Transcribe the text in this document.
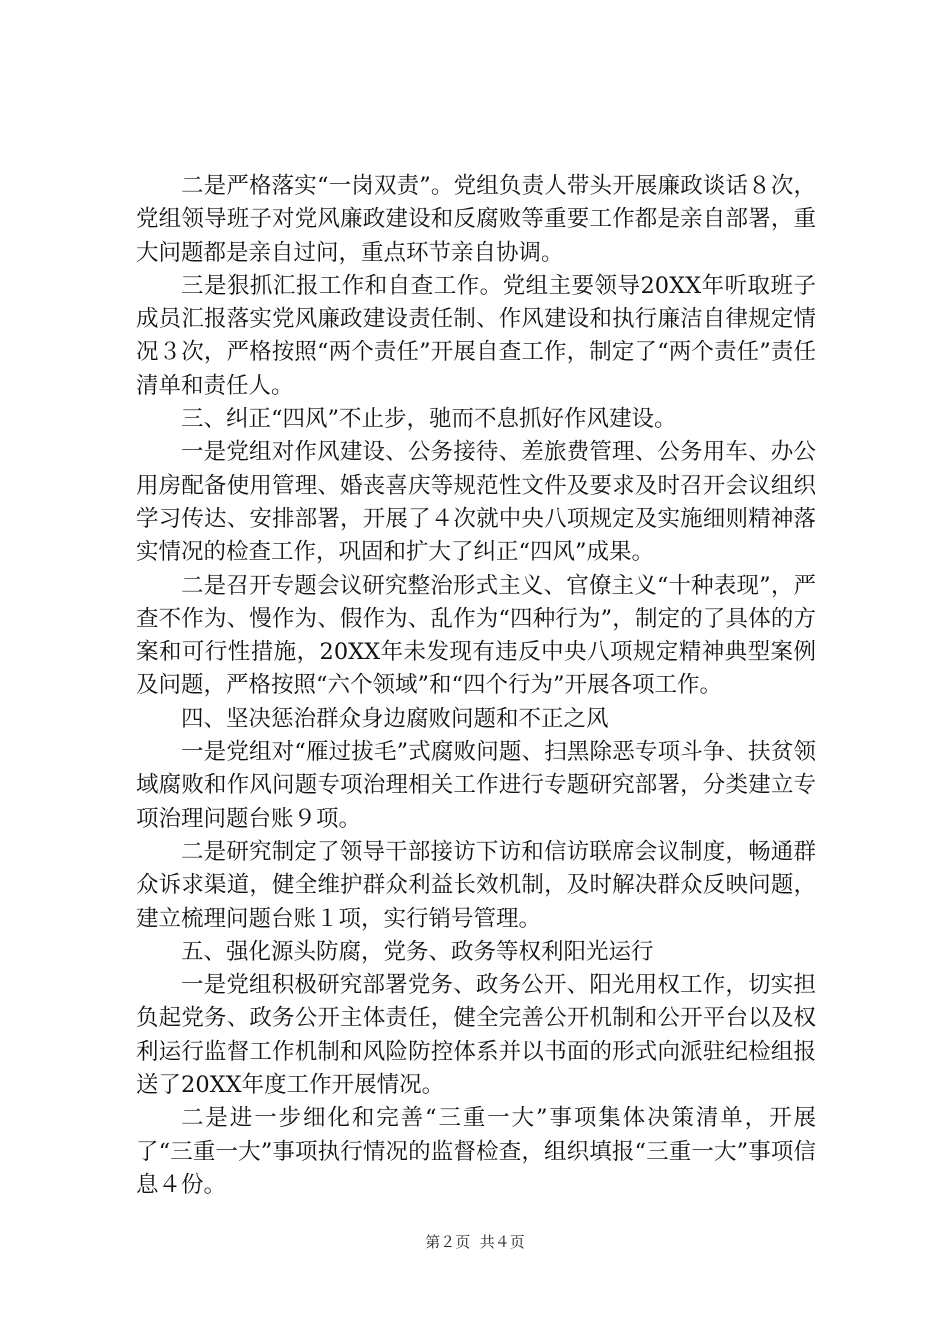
二是严格落实“一岗双责”。党组负责人带头开展廉政谈话８次，党组领导班子对党风廉政建设和反腐败等重要工作都是亲自部署，重大问题都是亲自过问，重点环节亲自协调。

三是狠抓汇报工作和自查工作。党组主要领导20XX年听取班子成员汇报落实党风廉政建设责任制、作风建设和执行廉洁自律规定情况３次，严格按照“两个责任”开展自查工作，制定了“两个责任”责任清单和责任人。

三、纠正“四风”不止步，驰而不息抓好作风建设。

一是党组对作风建设、公务接待、差旅费管理、公务用车、办公用房配备使用管理、婚丧喜庆等规范性文件及要求及时召开会议组织学习传达、安排部署，开展了４次就中央八项规定及实施细则精神落实情况的检查工作，巩固和扩大了纠正“四风”成果。

二是召开专题会议研究整治形式主义、官僚主义“十种表现”，严查不作为、慢作为、假作为、乱作为“四种行为”，制定的了具体的方案和可行性措施，20XX年未发现有违反中央八项规定精神典型案例及问题，严格按照“六个领域”和“四个行为”开展各项工作。

四、坚决惩治群众身边腐败问题和不正之风

一是党组对“雁过拔毛”式腐败问题、扫黑除恶专项斗争、扶贫领域腐败和作风问题专项治理相关工作进行专题研究部署，分类建立专项治理问题台账９项。

二是研究制定了领导干部接访下访和信访联席会议制度，畅通群众诉求渠道，健全维护群众利益长效机制，及时解决群众反映问题，建立梳理问题台账１项，实行销号管理。

五、强化源头防腐，党务、政务等权利阳光运行

一是党组积极研究部署党务、政务公开、阳光用权工作，切实担负起党务、政务公开主体责任，健全完善公开机制和公开平台以及权利运行监督工作机制和风险防控体系并以书面的形式向派驻纪检组报送了20XX年度工作开展情况。

二是进一步细化和完善“三重一大”事项集体决策清单，开展了“三重一大”事项执行情况的监督检查，组织填报“三重一大”事项信息４份。

第２页  共４页
